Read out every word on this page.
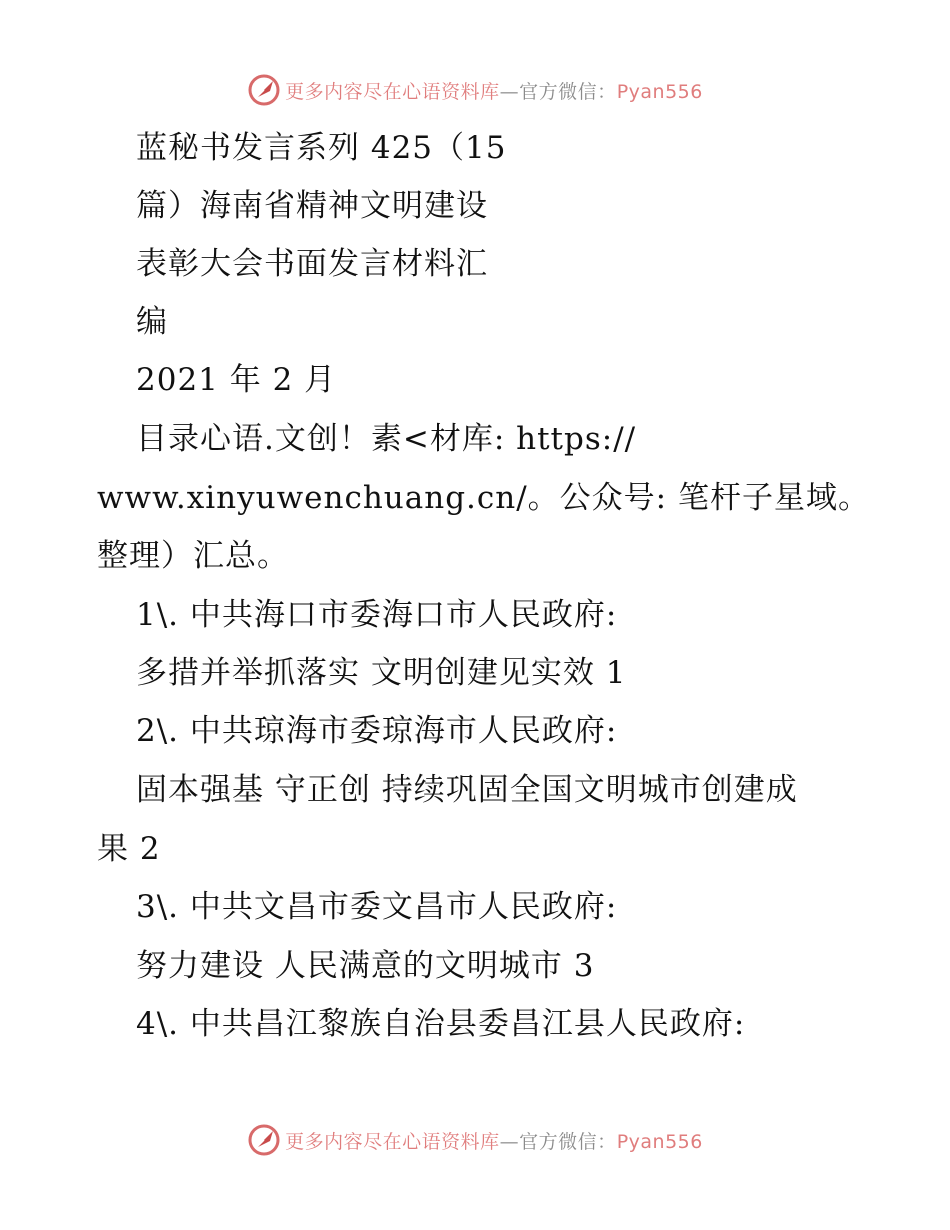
更多内容尽在心语资料库—官方微信：Pyan556
蓝秘书发言系列 425（15
篇）海南省精神文明建设
表彰大会书面发言材料汇
编
2021 年 2 月
目录心语.文创！素<材库: https://
www.xinyuwenchuang.cn/。公众号: 笔杆子星域。
整理）汇总。
1\. 中共海口市委海口市人民政府:
多措并举抓落实 文明创建见实效 1
2\. 中共琼海市委琼海市人民政府:
固本强基 守正创 持续巩固全国文明城市创建成
果 2
3\. 中共文昌市委文昌市人民政府:
努力建设 人民满意的文明城市 3
4\. 中共昌江黎族自治县委昌江县人民政府:
更多内容尽在心语资料库—官方微信：Pyan556
